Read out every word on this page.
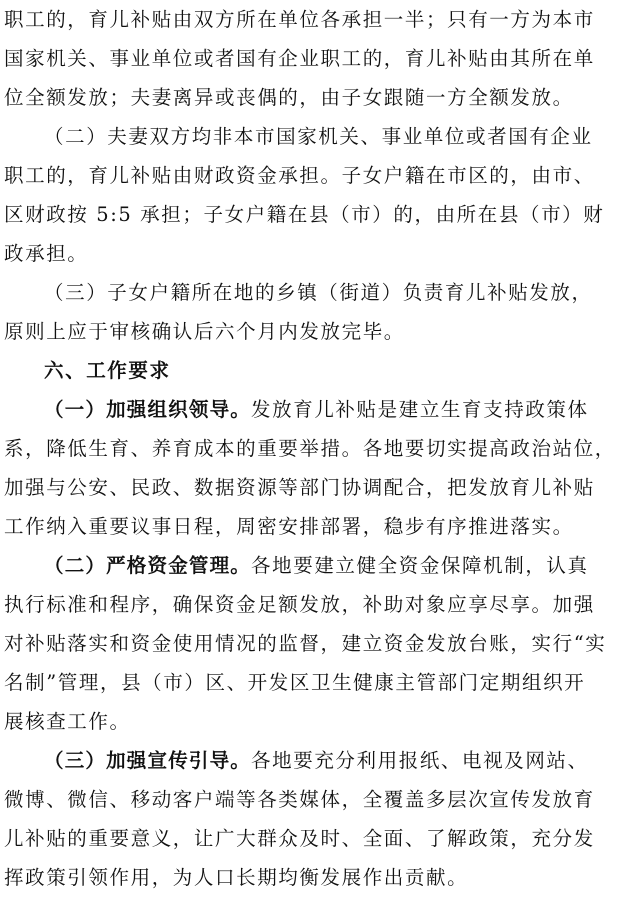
职工的，育儿补贴由双方所在单位各承担一半；只有一方为本市
国家机关、事业单位或者国有企业职工的，育儿补贴由其所在单
位全额发放；夫妻离异或丧偶的，由子女跟随一方全额发放。
（二）夫妻双方均非本市国家机关、事业单位或者国有企业
职工的，育儿补贴由财政资金承担。子女户籍在市区的，由市、
区财政按 5:5 承担；子女户籍在县（市）的，由所在县（市）财
政承担。
（三）子女户籍所在地的乡镇（街道）负责育儿补贴发放，
原则上应于审核确认后六个月内发放完毕。
六、工作要求
（一）加强组织领导。发放育儿补贴是建立生育支持政策体
系，降低生育、养育成本的重要举措。各地要切实提高政治站位，
加强与公安、民政、数据资源等部门协调配合，把发放育儿补贴
工作纳入重要议事日程，周密安排部署，稳步有序推进落实。
（二）严格资金管理。各地要建立健全资金保障机制，认真
执行标准和程序，确保资金足额发放，补助对象应享尽享。加强
对补贴落实和资金使用情况的监督，建立资金发放台账，实行“实
名制”管理，县（市）区、开发区卫生健康主管部门定期组织开
展核查工作。
（三）加强宣传引导。各地要充分利用报纸、电视及网站、
微博、微信、移动客户端等各类媒体，全覆盖多层次宣传发放育
儿补贴的重要意义，让广大群众及时、全面、了解政策，充分发
挥政策引领作用，为人口长期均衡发展作出贡献。
